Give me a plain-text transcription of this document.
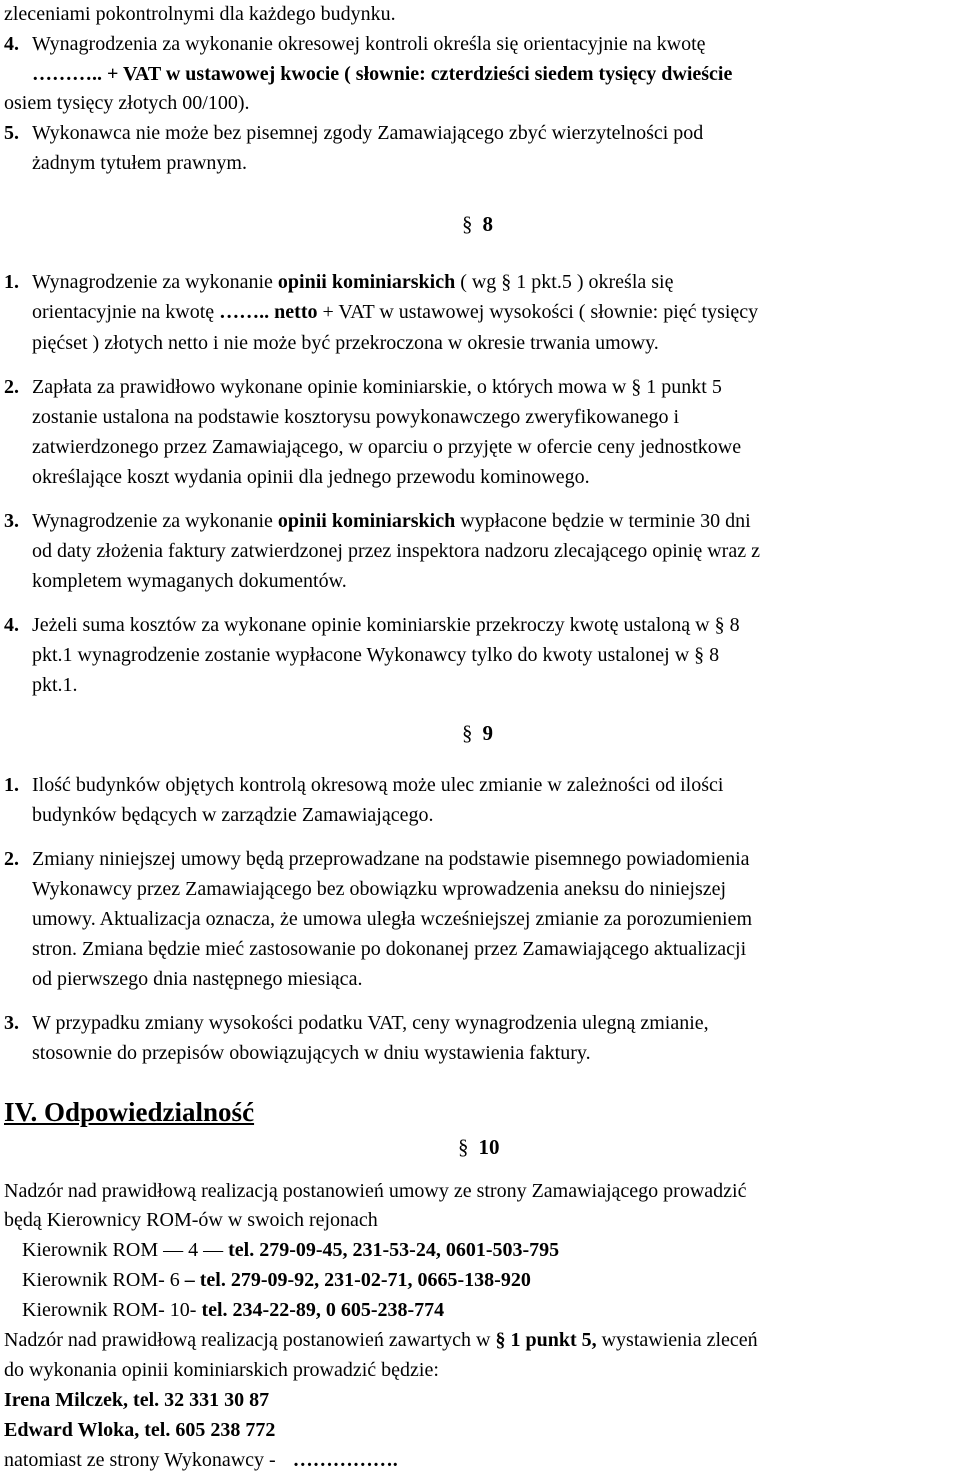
zleceniami pokontrolnymi dla każdego budynku.
4. Wynagrodzenia za wykonanie okresowej kontroli określa się orientacyjnie na kwotę
……….. + VAT w ustawowej kwocie ( słownie: czterdzieści siedem tysięcy dwieście
osiem tysięcy złotych 00/100).
5. Wykonawca nie może bez pisemnej zgody Zamawiającego zbyć wierzytelności pod
żadnym tytułem prawnym.
§ 8
1. Wynagrodzenie za wykonanie opinii kominiarskich ( wg § 1 pkt.5 ) określa się
orientacyjnie na kwotę …….. netto + VAT w ustawowej wysokości ( słownie: pięć tysięcy
pięćset ) złotych netto i nie może być przekroczona w okresie trwania umowy.
2. Zapłata za prawidłowo wykonane opinie kominiarskie, o których mowa w § 1 punkt 5
zostanie ustalona na podstawie kosztorysu powykonawczego zweryfikowanego i
zatwierdzonego przez Zamawiającego, w oparciu o przyjęte w ofercie ceny jednostkowe
określające koszt wydania opinii dla jednego przewodu kominowego.
3. Wynagrodzenie za wykonanie opinii kominiarskich wypłacone będzie w terminie 30 dni
od daty złożenia faktury zatwierdzonej przez inspektora nadzoru zlecającego opinię wraz z
kompletem wymaganych dokumentów.
4. Jeżeli suma kosztów za wykonane opinie kominiarskie przekroczy kwotę ustaloną w § 8
pkt.1 wynagrodzenie zostanie wypłacone Wykonawcy tylko do kwoty ustalonej w § 8
pkt.1.
§ 9
1. Ilość budynków objętych kontrolą okresową może ulec zmianie w zależności od ilości
budynków będących w zarządzie Zamawiającego.
2. Zmiany niniejszej umowy będą przeprowadzane na podstawie pisemnego powiadomienia
Wykonawcy przez Zamawiającego bez obowiązku wprowadzenia aneksu do niniejszej
umowy. Aktualizacja oznacza, że umowa uległa wcześniejszej zmianie za porozumieniem
stron. Zmiana będzie mieć zastosowanie po dokonanej przez Zamawiającego aktualizacji
od pierwszego dnia następnego miesiąca.
3. W przypadku zmiany wysokości podatku VAT, ceny wynagrodzenia ulegną zmianie,
stosownie do przepisów obowiązujących w dniu wystawienia faktury.
IV. Odpowiedzialność
§ 10
Nadzór nad prawidłową realizacją postanowień umowy ze strony Zamawiającego prowadzić
będą Kierownicy ROM-ów w swoich rejonach
Kierownik ROM — 4 — tel. 279-09-45, 231-53-24, 0601-503-795
Kierownik ROM- 6 – tel. 279-09-92, 231-02-71, 0665-138-920
Kierownik ROM- 10- tel. 234-22-89, 0 605-238-774
Nadzór nad prawidłową realizacją postanowień zawartych w § 1 punkt 5, wystawienia zleceń
do wykonania opinii kominiarskich prowadzić będzie:
Irena Milczek, tel. 32 331 30 87
Edward Wloka, tel. 605 238 772
natomiast ze strony Wykonawcy - …………….
